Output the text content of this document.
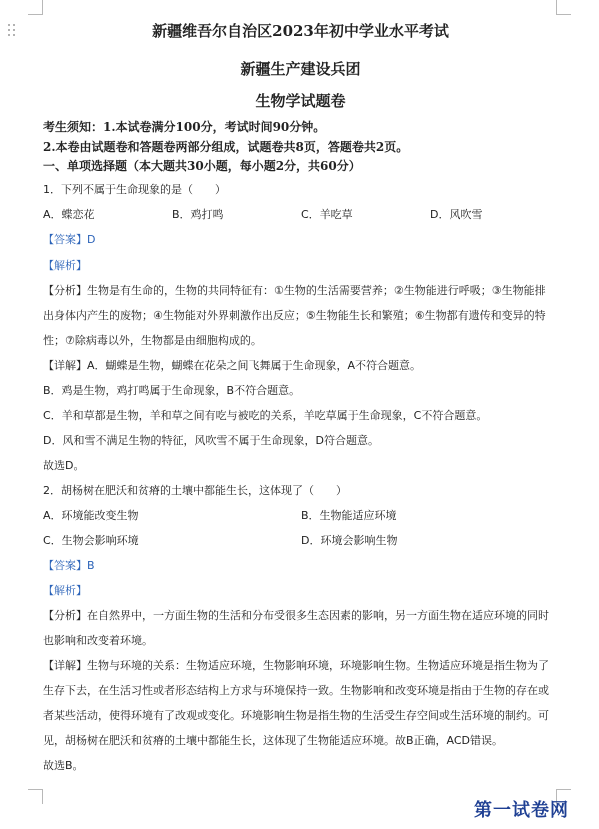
新疆维吾尔自治区2023年初中学业水平考试
新疆生产建设兵团
生物学试题卷
考生须知：1.本试卷满分100分，考试时间90分钟。
2.本卷由试题卷和答题卷两部分组成，试题卷共8页，答题卷共2页。
一、单项选择题（本大题共30小题，每小题2分，共60分）
1．下列不属于生命现象的是（　　）
A．蝶恋花	B．鸡打鸣	C．羊吃草	D．风吹雪
【答案】D
【解析】
【分析】生物是有生命的，生物的共同特征有：①生物的生活需要营养；②生物能进行呼吸；③生物能排
出身体内产生的废物；④生物能对外界刺激作出反应；⑤生物能生长和繁殖；⑥生物都有遗传和变异的特
性；⑦除病毒以外，生物都是由细胞构成的。
【详解】A．蝴蝶是生物，蝴蝶在花朵之间飞舞属于生命现象，A不符合题意。
B．鸡是生物，鸡打鸣属于生命现象，B不符合题意。
C．羊和草都是生物，羊和草之间有吃与被吃的关系，羊吃草属于生命现象，C不符合题意。
D．风和雪不满足生物的特征，风吹雪不属于生命现象，D符合题意。
故选D。
2．胡杨树在肥沃和贫瘠的土壤中都能生长，这体现了（　　）
A．环境能改变生物	B．生物能适应环境
C．生物会影响环境	D．环境会影响生物
【答案】B
【解析】
【分析】在自然界中，一方面生物的生活和分布受很多生态因素的影响，另一方面生物在适应环境的同时
也影响和改变着环境。
【详解】生物与环境的关系：生物适应环境，生物影响环境，环境影响生物。生物适应环境是指生物为了
生存下去，在生活习性或者形态结构上方求与环境保持一致。生物影响和改变环境是指由于生物的存在或
者某些活动，使得环境有了改观或变化。环境影响生物是指生物的生活受生存空间或生活环境的制约。可
见，胡杨树在肥沃和贫瘠的土壤中都能生长，这体现了生物能适应环境。故B正确，ACD错误。
故选B。
第一试卷网
